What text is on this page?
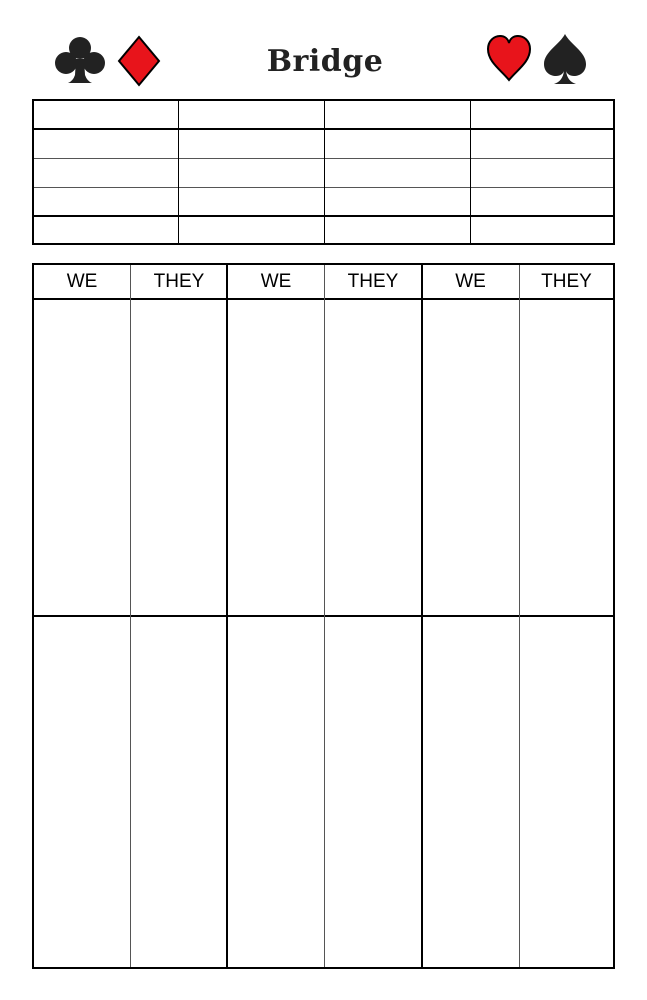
Bridge
WE	THEY	WE	THEY	WE	THEY
